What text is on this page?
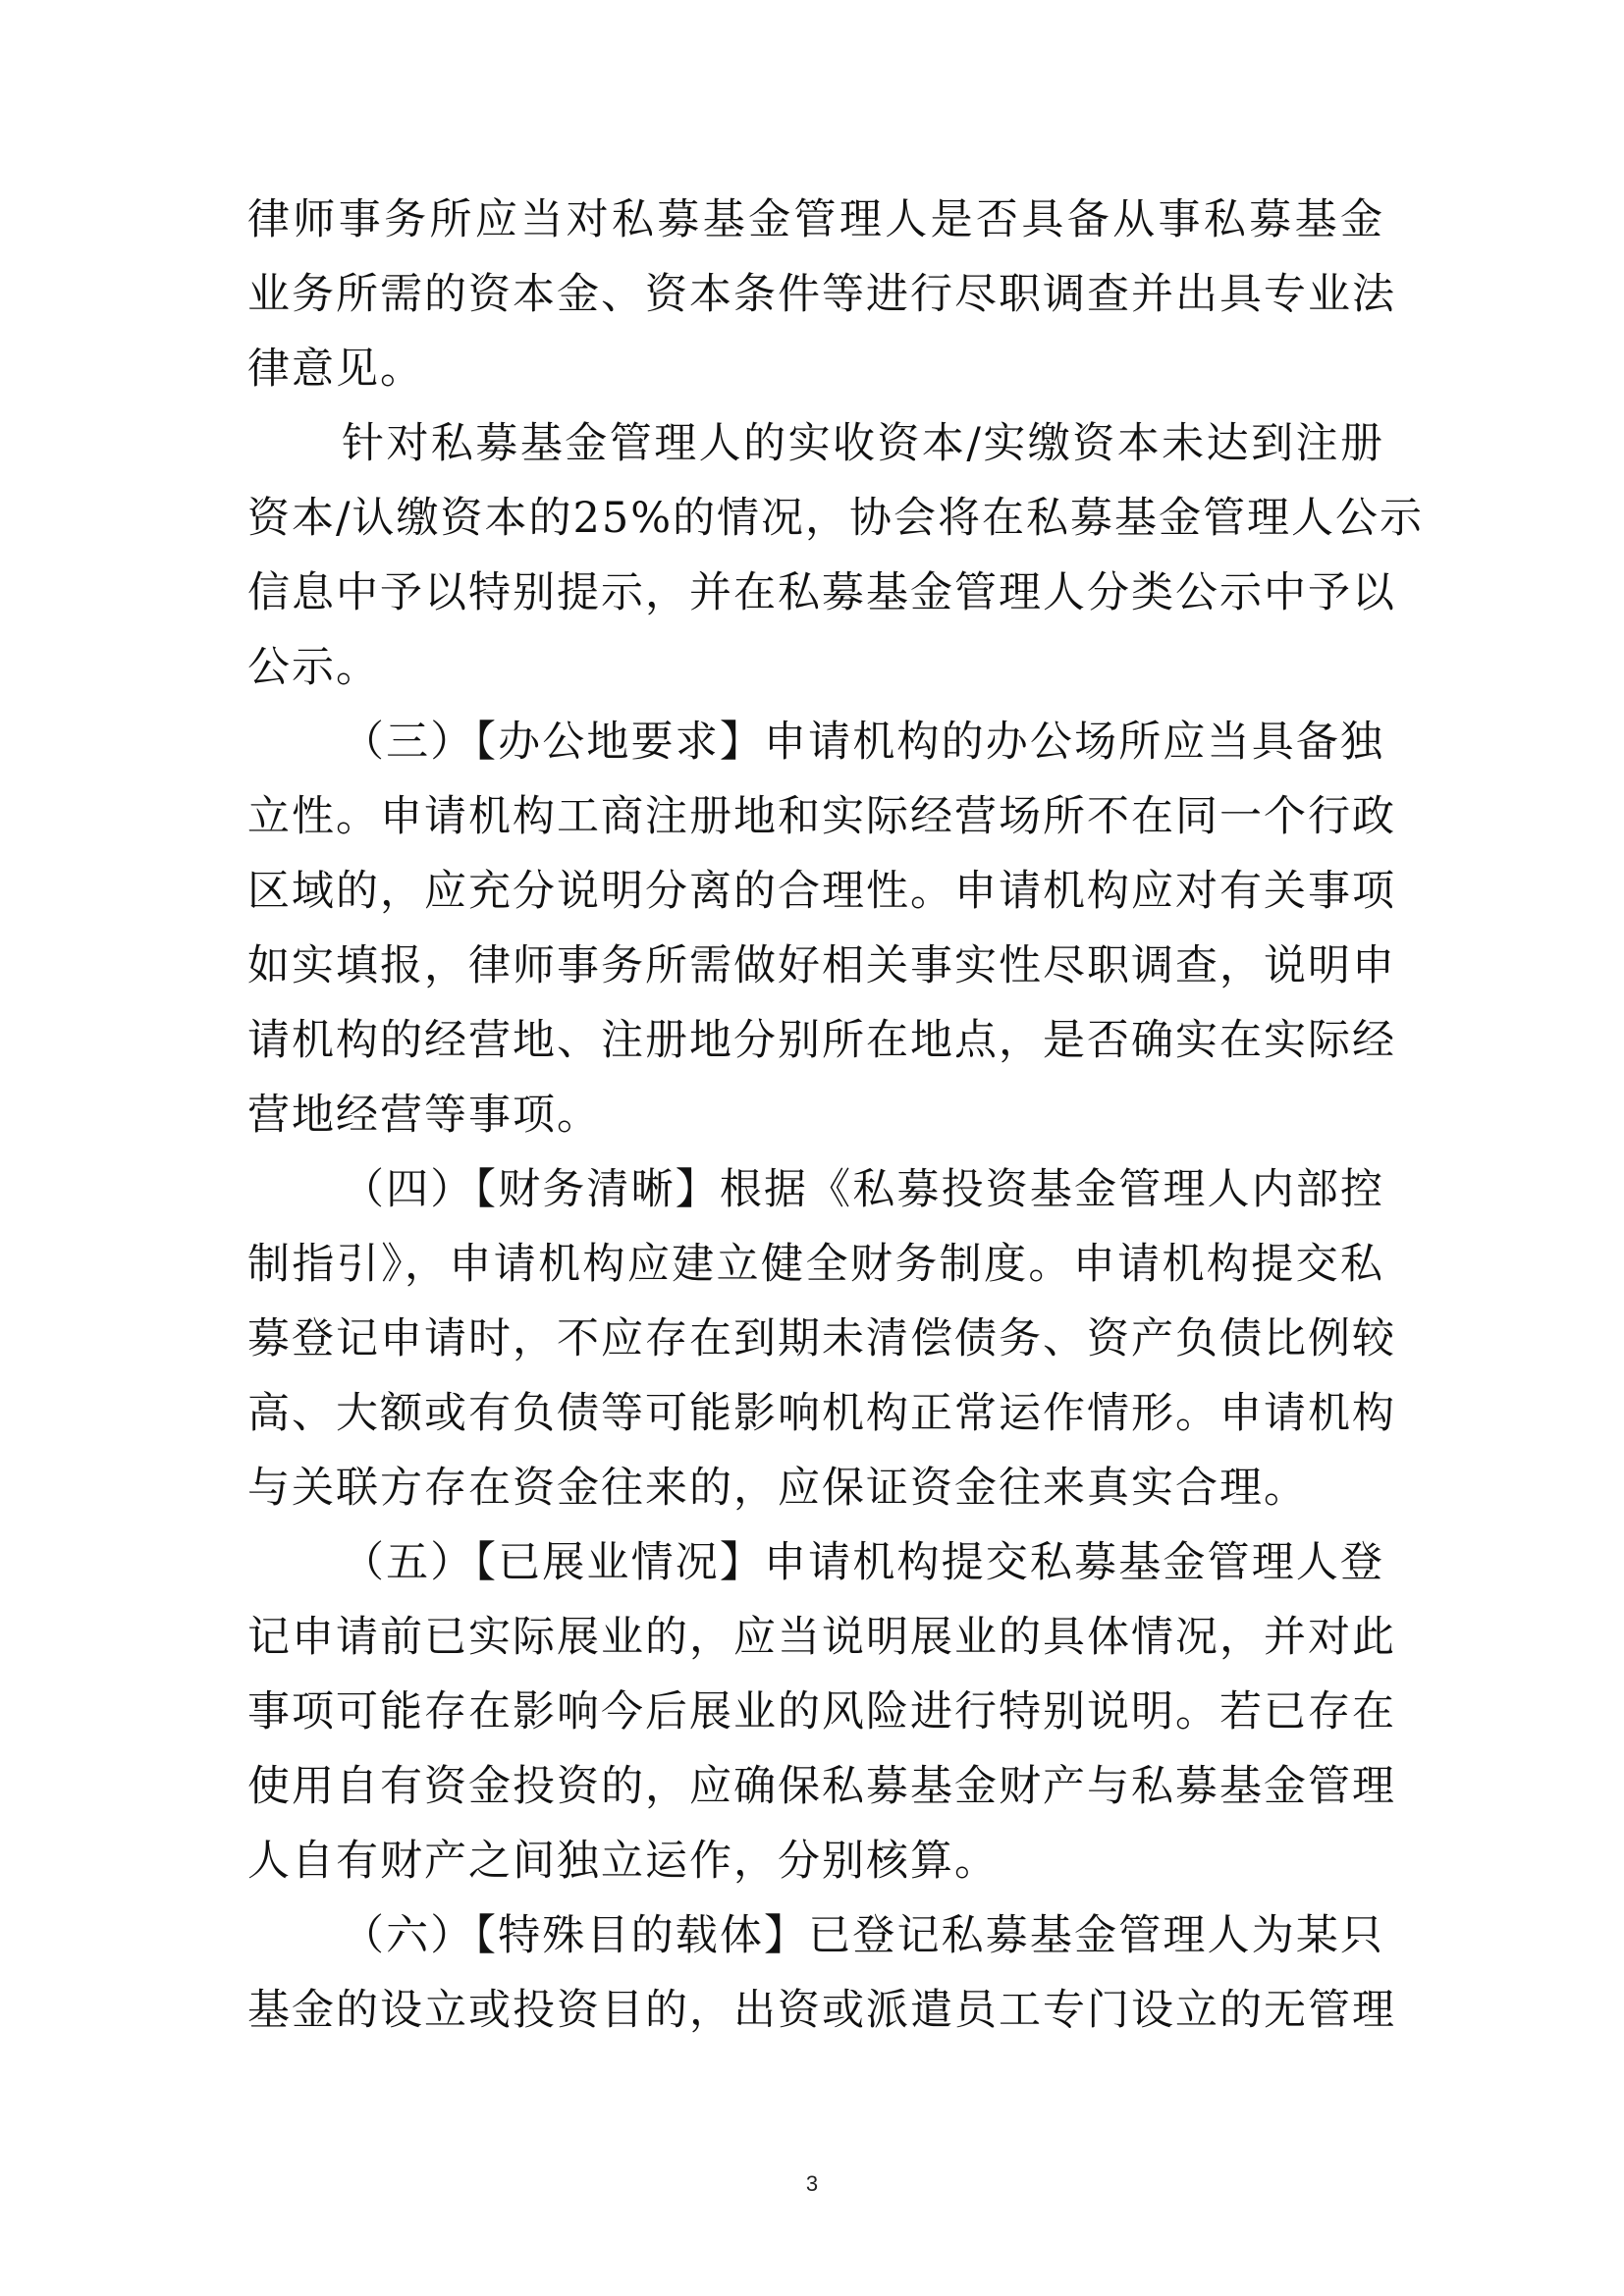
律师事务所应当对私募基金管理人是否具备从事私募基金
业务所需的资本金、资本条件等进行尽职调查并出具专业法
律意见。
针对私募基金管理人的实收资本/实缴资本未达到注册
资本/认缴资本的25%的情况，协会将在私募基金管理人公示
信息中予以特别提示，并在私募基金管理人分类公示中予以
公示。
（三）【办公地要求】申请机构的办公场所应当具备独
立性。申请机构工商注册地和实际经营场所不在同一个行政
区域的，应充分说明分离的合理性。申请机构应对有关事项
如实填报，律师事务所需做好相关事实性尽职调查，说明申
请机构的经营地、注册地分别所在地点，是否确实在实际经
营地经营等事项。
（四）【财务清晰】根据《私募投资基金管理人内部控
制指引》，申请机构应建立健全财务制度。申请机构提交私
募登记申请时，不应存在到期未清偿债务、资产负债比例较
高、大额或有负债等可能影响机构正常运作情形。申请机构
与关联方存在资金往来的，应保证资金往来真实合理。
（五）【已展业情况】申请机构提交私募基金管理人登
记申请前已实际展业的，应当说明展业的具体情况，并对此
事项可能存在影响今后展业的风险进行特别说明。若已存在
使用自有资金投资的，应确保私募基金财产与私募基金管理
人自有财产之间独立运作，分别核算。
（六）【特殊目的载体】已登记私募基金管理人为某只
基金的设立或投资目的，出资或派遣员工专门设立的无管理
3
